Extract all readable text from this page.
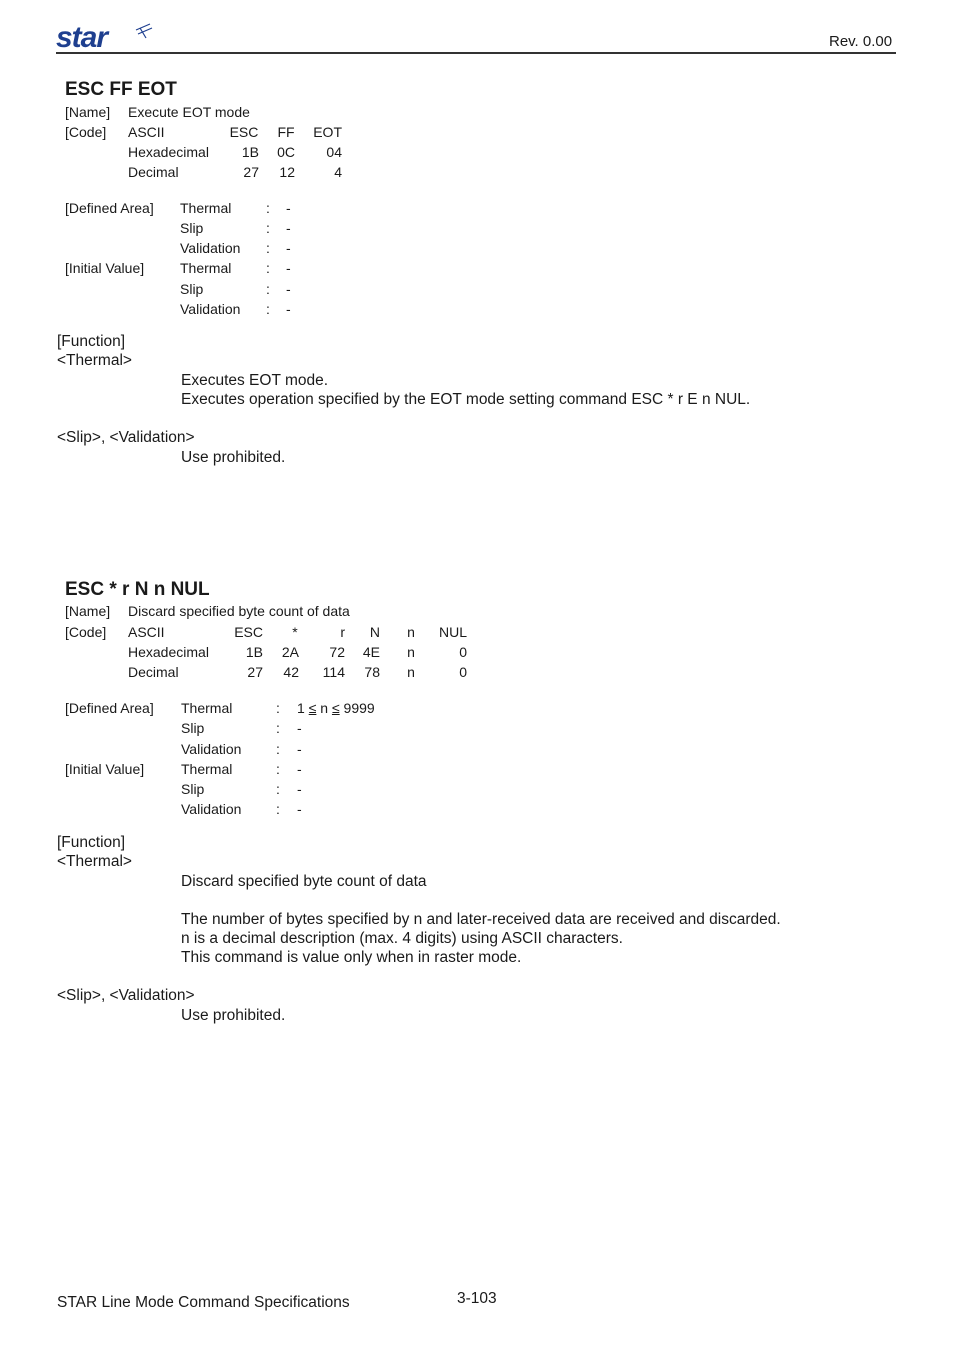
star	Rev. 0.00
ESC FF EOT
[Name] Execute EOT mode
[Code] ASCII	ESC	FF	EOT
Hexadecimal	1B	0C	04
Decimal	27	12	4
[Defined Area] Thermal : -
Slip	: -
Validation : -
[Initial Value]	Thermal : -
Slip	: -
Validation : -
[Function]
<Thermal>
Executes EOT mode.
Executes operation specified by the EOT mode setting command ESC * r E n NUL.
<Slip>, <Validation>
Use prohibited.
ESC * r N n NUL
[Name] Discard specified byte count of data
[Code] ASCII	ESC	*	r	N	n	NUL
Hexadecimal	1B	2A	72	4E	n	0
Decimal	27	42	114	78	n	0
[Defined Area] Thermal	: 1 ≤ n ≤ 9999
Slip	: -
Validation : -
[Initial Value]	Thermal	: -
Slip	: -
Validation : -
[Function]
<Thermal>
Discard specified byte count of data
The number of bytes specified by n and later-received data are received and discarded.
n is a decimal description (max. 4 digits) using ASCII characters.
This command is value only when in raster mode.
<Slip>, <Validation>
Use prohibited.
STAR Line Mode Command Specifications	3-103
